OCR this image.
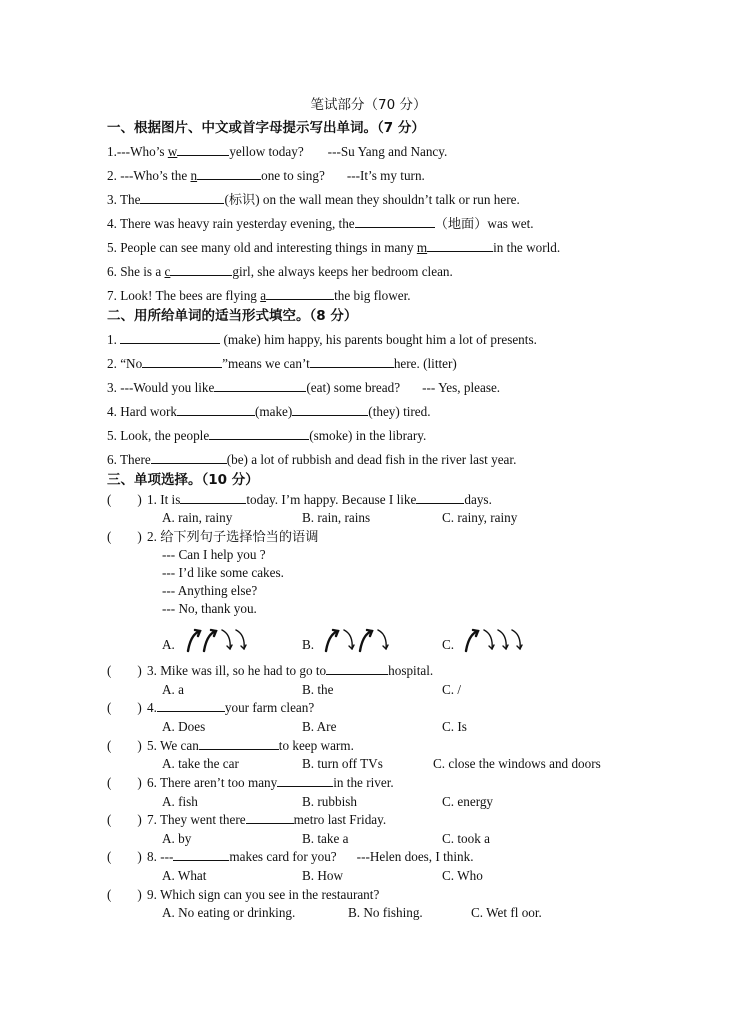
笔试部分（70 分）
一、根据图片、中文或首字母提示写出单词。（7 分）
1.---Who’s w	yellow today? ---Su Yang and Nancy.
2. ---Who’s the n	one to sing? ---It’s my turn.
3. The	(标识) on the wall mean they shouldn’t talk or run here.
4. There was heavy rain yesterday evening, the	（地面）was wet.
5. People can see many old and interesting things in many m	in the world.
6. She is a c	girl, she always keeps her bedroom clean.
7. Look! The bees are flying a	the big flower.
二、用所给单词的适当形式填空。（8 分）
1.	(make) him happy, his parents bought him a lot of presents.
2. “No	”means we can’t	here. (litter)
3. ---Would you like	(eat) some bread? --- Yes, please.
4. Hard work	(make)	(they) tired.
5. Look, the people	(smoke) in the library.
6. There	(be) a lot of rubbish and dead fish in the river last year.
三、单项选择。（10 分）
( ) 1. It is	today. I’m happy. Because I like	days.
A. rain, rainy	B. rain, rains	C. rainy, rainy
( ) 2. 给下列句子选择恰当的语调
--- Can I help you ?
--- I’d like some cakes.
--- Anything else?
--- No, thank you.
A.	B.	C.
( ) 3. Mike was ill, so he had to go to	hospital.
A. a	B. the	C. /
( ) 4.	your farm clean?
A. Does	B. Are	C. Is
( ) 5. We can	to keep warm.
A. take the car	B. turn off TVs	C. close the windows and doors
( ) 6. There aren’t too many	in the river.
A. fish	B. rubbish	C. energy
( ) 7. They went there	metro last Friday.
A. by	B. take a	C. took a
( ) 8. ---	makes card for you? ---Helen does, I think.
A. What	B. How	C. Who
( ) 9. Which sign can you see in the restaurant?
A. No eating or drinking.	B. No fishing.	C. Wet fl oor.
